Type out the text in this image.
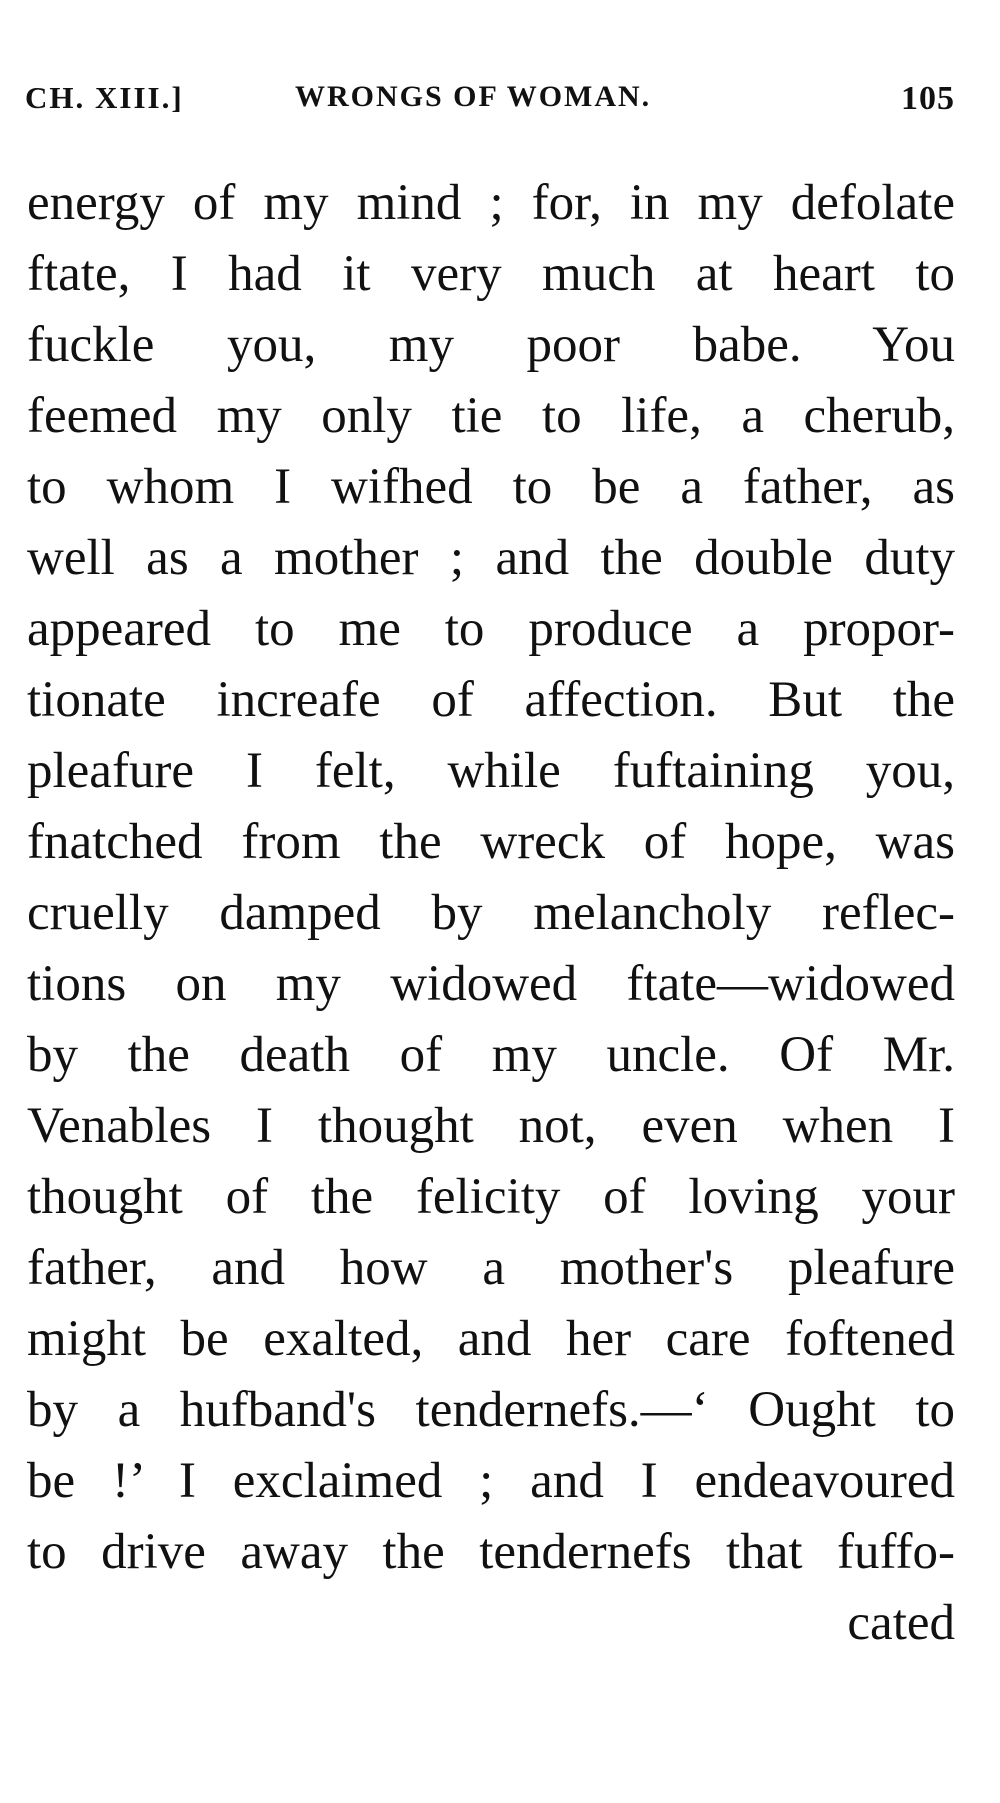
CH. XIII.]	WRONGS OF WOMAN.	105
energy of my mind ; for, in my defolate
ftate, I had it very much at heart to
fuckle you, my poor babe. You
feemed my only tie to life, a cherub,
to whom I wifhed to be a father, as
well as a mother ; and the double duty
appeared to me to produce a propor-
tionate increafe of affection. But the
pleafure I felt, while fuftaining you,
fnatched from the wreck of hope, was
cruelly damped by melancholy reflec-
tions on my widowed ftate—widowed
by the death of my uncle. Of Mr.
Venables I thought not, even when I
thought of the felicity of loving your
father, and how a mother's pleafure
might be exalted, and her care foftened
by a hufband's tendernefs.—‘ Ought to
be !’ I exclaimed ; and I endeavoured
to drive away the tendernefs that fuffo-
cated
